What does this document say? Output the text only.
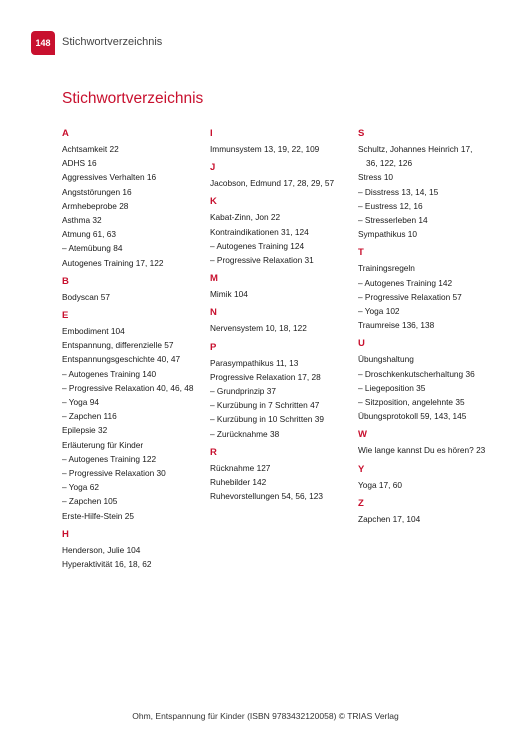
148	Stichwortverzeichnis
Stichwortverzeichnis
A
Achtsamkeit 22
ADHS 16
Aggressives Verhalten 16
Angststörungen 16
Armhebeprobe 28
Asthma 32
Atmung 61, 63
– Atemübung 84
Autogenes Training 17, 122
B
Bodyscan 57
E
Embodiment 104
Entspannung, differenzielle 57
Entspannungsgeschichte 40, 47
– Autogenes Training 140
– Progressive Relaxation 40, 46, 48
– Yoga 94
– Zapchen 116
Epilepsie 32
Erläuterung für Kinder
– Autogenes Training 122
– Progressive Relaxation 30
– Yoga 62
– Zapchen 105
Erste-Hilfe-Stein 25
H
Henderson, Julie 104
Hyperaktivität 16, 18, 62
I
Immunsystem 13, 19, 22, 109
J
Jacobson, Edmund 17, 28, 29, 57
K
Kabat-Zinn, Jon 22
Kontraindikationen 31, 124
– Autogenes Training 124
– Progressive Relaxation 31
M
Mimik 104
N
Nervensystem 10, 18, 122
P
Parasympathikus 11, 13
Progressive Relaxation 17, 28
– Grundprinzip 37
– Kurzübung in 7 Schritten 47
– Kurzübung in 10 Schritten 39
– Zurücknahme 38
R
Rücknahme 127
Ruhebilder 142
Ruhevorstellungen 54, 56, 123
S
Schultz, Johannes Heinrich 17,
36, 122, 126
Stress 10
– Disstress 13, 14, 15
– Eustress 12, 16
– Stresserleben 14
Sympathikus 10
T
Trainingsregeln
– Autogenes Training 142
– Progressive Relaxation 57
– Yoga 102
Traumreise 136, 138
U
Übungshaltung
– Droschkenkutscherhaltung 36
– Liegeposition 35
– Sitzposition, angelehnte 35
Übungsprotokoll 59, 143, 145
W
Wie lange kannst Du es hören? 23
Y
Yoga 17, 60
Z
Zapchen 17, 104
Ohm, Entspannung für Kinder (ISBN 9783432120058) © TRIAS Verlag
